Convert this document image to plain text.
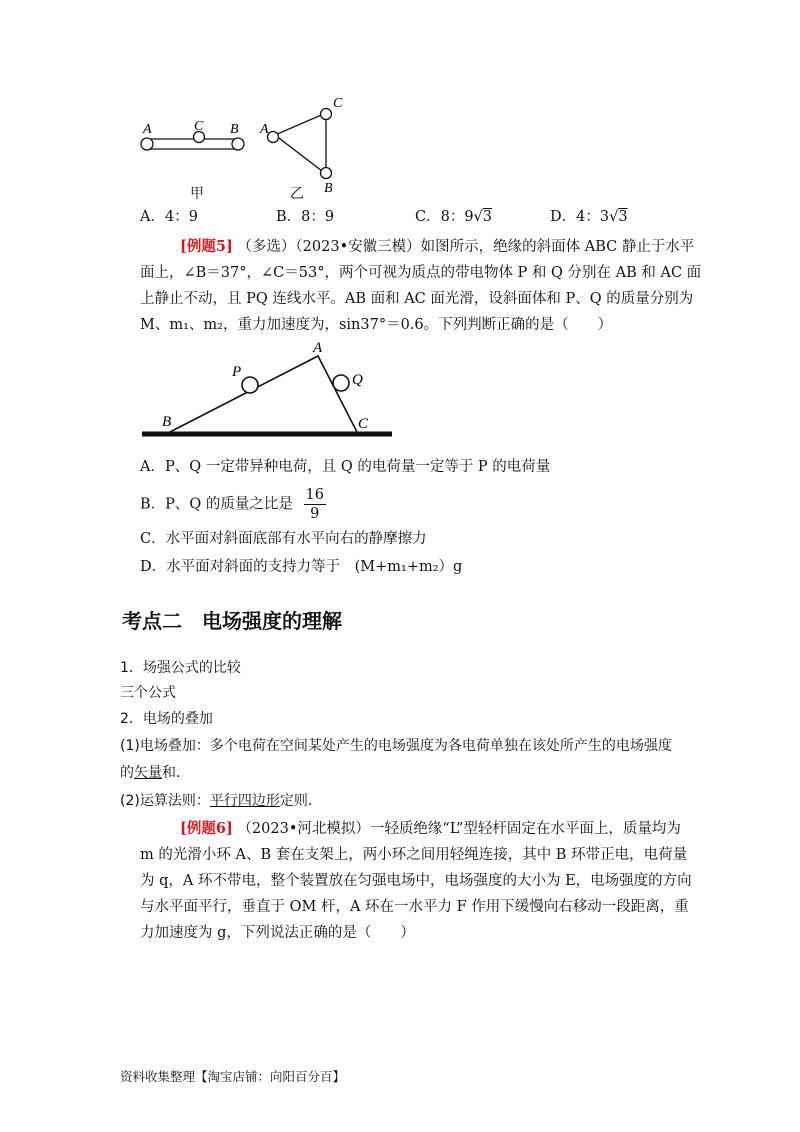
A	C B A
C
B
甲	乙
A．4：9	B．8：9	C．8：9√3	D．4：3√3
[例题5] （多选）（2023•安徽三模）如图所示，绝缘的斜面体 ABC 静止于水平
面上，∠B＝37°，∠C＝53°，两个可视为质点的带电物体 P 和 Q 分别在 AB 和 AC 面
上静止不动，且 PQ 连线水平。AB 面和 AC 面光滑，设斜面体和 P、Q 的质量分别为
M、m₁、m₂，重力加速度为，sin37°＝0.6。下列判断正确的是（　　）
A
B	C
P	Q
A．P、Q 一定带异种电荷，且 Q 的电荷量一定等于 P 的电荷量
B．P、Q 的质量之比是 $\frac{16}{9}$
C．水平面对斜面底部有水平向右的静摩擦力
D．水平面对斜面的支持力等于　(M+m₁+m₂）g
考点二　电场强度的理解
1．场强公式的比较
三个公式
2．电场的叠加
(1)电场叠加：多个电荷在空间某处产生的电场强度为各电荷单独在该处所产生的电场强度
的矢量和．
(2)运算法则：平行四边形定则．
[例题6] （2023•河北模拟）一轻质绝缘“L”型轻杆固定在水平面上，质量均为
m 的光滑小环 A、B 套在支架上，两小环之间用轻绳连接，其中 B 环带正电，电荷量
为 q，A 环不带电，整个装置放在匀强电场中，电场强度的大小为 E，电场强度的方向
与水平面平行，垂直于 OM 杆，A 环在一水平力 F 作用下缓慢向右移动一段距离，重
力加速度为 g，下列说法正确的是（　　）
资料收集整理【淘宝店铺：向阳百分百】
